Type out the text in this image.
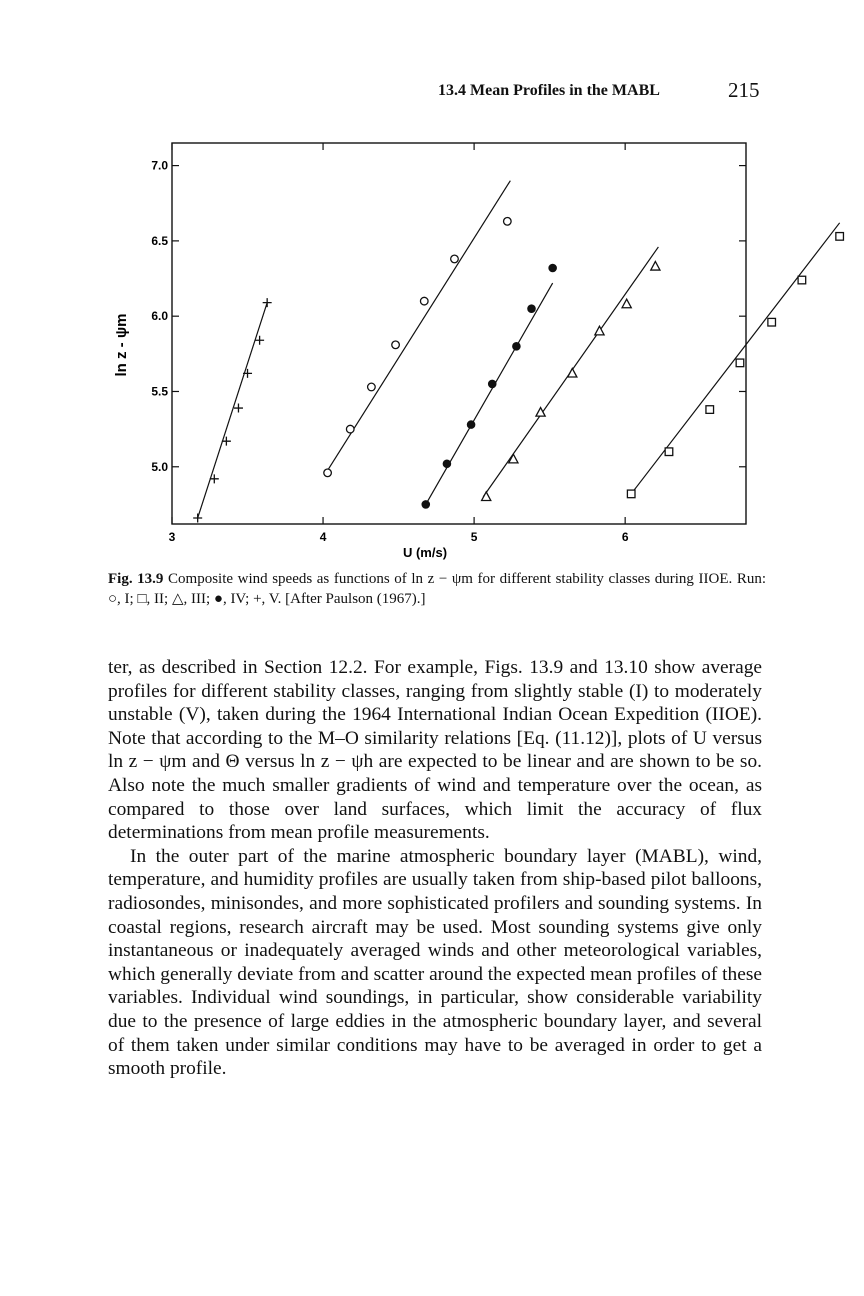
13.4 Mean Profiles in the MABL	215
3	4	5	6
5.0
5.5
6.0
6.5
7.0
U (m/s)
ln z - ψm
Fig. 13.9 Composite wind speeds as functions of ln z − ψm for different stability classes during IIOE. Run: ○, I; □, II; △, III; ●, IV; +, V. [After Paulson (1967).]

ter, as described in Section 12.2. For example, Figs. 13.9 and 13.10 show average profiles for different stability classes, ranging from slightly stable (I) to moderately unstable (V), taken during the 1964 International Indian Ocean Expedition (IIOE). Note that according to the M–O similarity relations [Eq. (11.12)], plots of U versus ln z − ψm and Θ versus ln z − ψh are expected to be linear and are shown to be so. Also note the much smaller gradients of wind and temperature over the ocean, as compared to those over land surfaces, which limit the accuracy of flux determinations from mean profile measurements.

In the outer part of the marine atmospheric boundary layer (MABL), wind, temperature, and humidity profiles are usually taken from ship-based pilot balloons, radiosondes, minisondes, and more sophisticated profilers and sounding systems. In coastal regions, research aircraft may be used. Most sounding systems give only instantaneous or inadequately averaged winds and other meteorological variables, which generally deviate from and scatter around the expected mean profiles of these variables. Individual wind soundings, in particular, show considerable variability due to the presence of large eddies in the atmospheric boundary layer, and several of them taken under similar conditions may have to be averaged in order to get a smooth profile.
